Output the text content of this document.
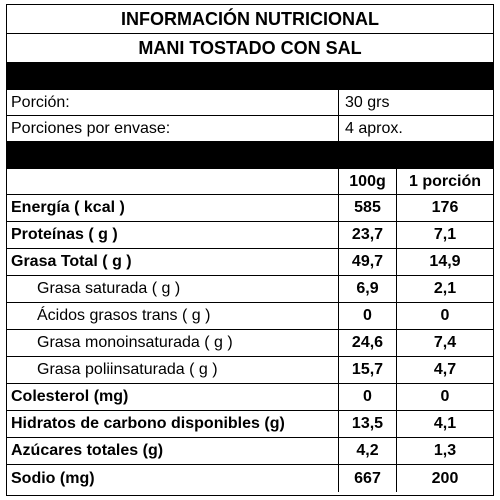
INFORMACIÓN NUTRICIONAL
MANI TOSTADO CON SAL
Porción:	30 grs
Porciones por envase:	4 aprox.
100g	1 porción
Energía ( kcal )	585	176
Proteínas ( g )	23,7	7,1
Grasa Total ( g )	49,7	14,9
Grasa saturada ( g )	6,9	2,1
Ácidos grasos trans ( g )	0	0
Grasa monoinsaturada ( g )	24,6	7,4
Grasa poliinsaturada ( g )	15,7	4,7
Colesterol (mg)	0	0
Hidratos de carbono disponibles (g)	13,5	4,1
Azúcares totales (g)	4,2	1,3
Sodio (mg)	667	200
